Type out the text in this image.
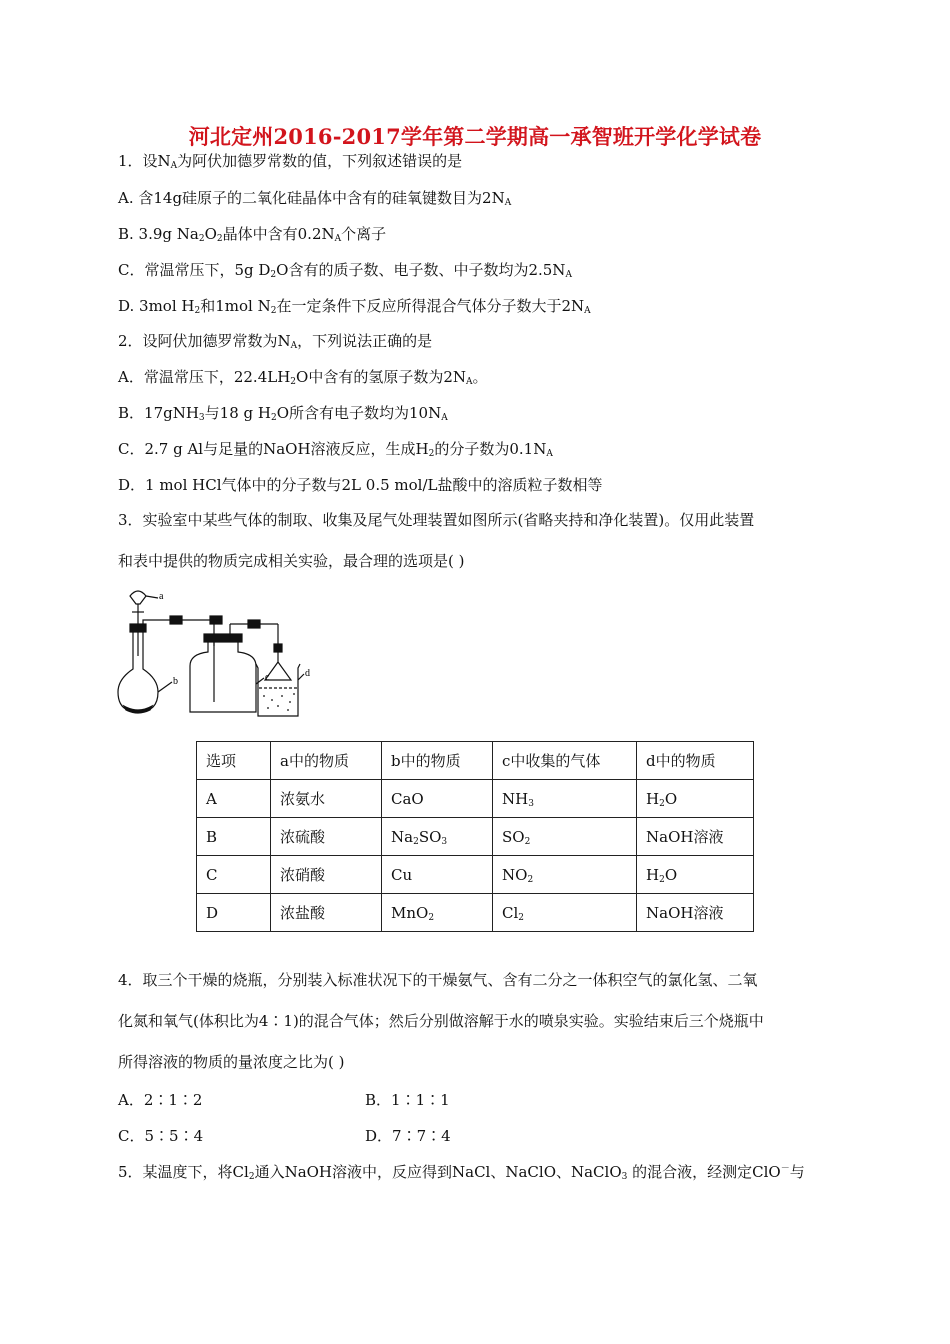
河北定州2016-2017学年第二学期高一承智班开学化学试卷
1．设$N_A$为阿伏加德罗常数的值，下列叙述错误的是
A. 含14g硅原子的二氧化硅晶体中含有的硅氧键数目为$2N_A$
B. 3.9g $Na_2O_2$晶体中含有$0.2N_A$个离子
C．常温常压下，5g $D_2O$含有的质子数、电子数、中子数均为$2.5N_A$
D. 3mol $H_2$和1mol $N_2$在一定条件下反应所得混合气体分子数大于$2N_A$
2．设阿伏加德罗常数为$N_A$，下列说法正确的是
A．常温常压下，$22.4LH_2O$中含有的氢原子数为$2N_A$。
B．17gNH$_3$与18 g $H_2O$所含有电子数均为$10N_A$
C．2.7 g Al与足量的NaOH溶液反应，生成$H_2$的分子数为$0.1N_A$
D．1 mol HCl气体中的分子数与2L 0.5 mol/L盐酸中的溶质粒子数相等
3．实验室中某些气体的制取、收集及尾气处理装置如图所示(省略夹持和净化装置)。仅用此装置
和表中提供的物质完成相关实验，最合理的选项是( )
a
b	c	d
选项	a中的物质	b中的物质	c中收集的气体	d中的物质
A	浓氨水	CaO	$NH_3$	$H_2O$
B	浓硫酸	$Na_2SO_3$	$SO_2$	NaOH溶液
C	浓硝酸	Cu	$NO_2$	$H_2O$
D	浓盐酸	MnO$_2$	$Cl_2$	NaOH溶液
4．取三个干燥的烧瓶，分别装入标准状况下的干燥氨气、含有二分之一体积空气的氯化氢、二氧
化氮和氧气(体积比为4∶1)的混合气体；然后分别做溶解于水的喷泉实验。实验结束后三个烧瓶中
所得溶液的物质的量浓度之比为( )
A．2∶1∶2	B．1∶1∶1
C．5∶5∶4	D．7∶7∶4
5．某温度下，将$Cl_2$通入NaOH溶液中，反应得到NaCl、NaClO、NaClO$_3$ 的混合液，经测定ClO－与
